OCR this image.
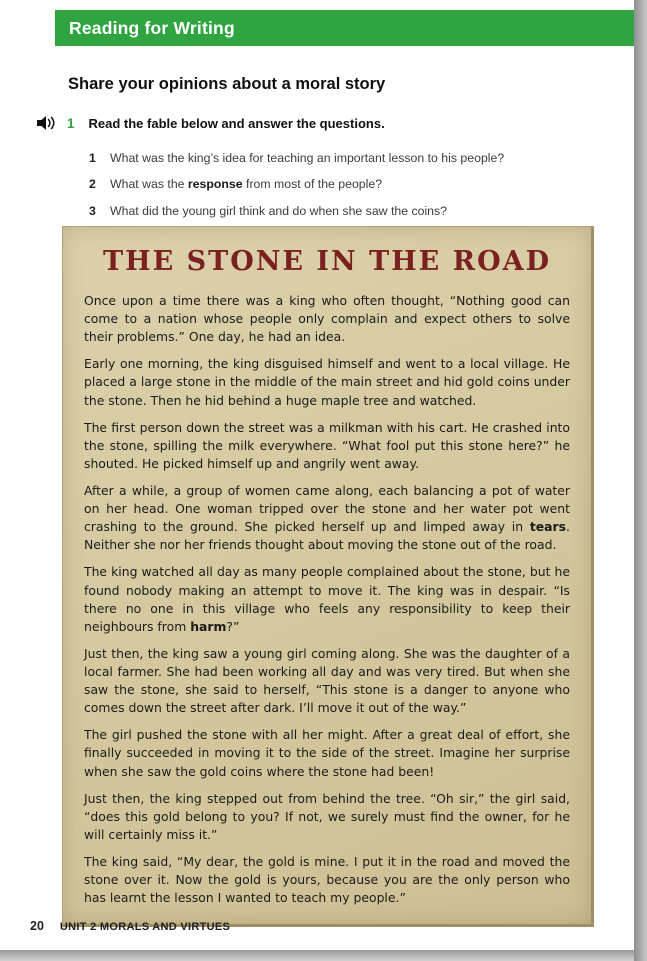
Reading for Writing
Share your opinions about a moral story
1 Read the fable below and answer the questions.
1	What was the king’s idea for teaching an important lesson to his people?
2	What was the response from most of the people?
3	What did the young girl think and do when she saw the coins?
THE STONE IN THE ROAD

Once upon a time there was a king who often thought, “Nothing good can come to a nation whose people only complain and expect others to solve their problems.” One day, he had an idea.

Early one morning, the king disguised himself and went to a local village. He placed a large stone in the middle of the main street and hid gold coins under the stone. Then he hid behind a huge maple tree and watched.

The first person down the street was a milkman with his cart. He crashed into the stone, spilling the milk everywhere. “What fool put this stone here?” he shouted. He picked himself up and angrily went away.

After a while, a group of women came along, each balancing a pot of water on her head. One woman tripped over the stone and her water pot went crashing to the ground. She picked herself up and limped away in tears. Neither she nor her friends thought about moving the stone out of the road.

The king watched all day as many people complained about the stone, but he found nobody making an attempt to move it. The king was in despair. “Is there no one in this village who feels any responsibility to keep their neighbours from harm?”

Just then, the king saw a young girl coming along. She was the daughter of a local farmer. She had been working all day and was very tired. But when she saw the stone, she said to herself, “This stone is a danger to anyone who comes down the street after dark. I’ll move it out of the way.”

The girl pushed the stone with all her might. After a great deal of effort, she finally succeeded in moving it to the side of the street. Imagine her surprise when she saw the gold coins where the stone had been!

Just then, the king stepped out from behind the tree. “Oh sir,” the girl said, “does this gold belong to you? If not, we surely must find the owner, for he will certainly miss it.”

The king said, “My dear, the gold is mine. I put it in the road and moved the stone over it. Now the gold is yours, because you are the only person who has learnt the lesson I wanted to teach my people.”

20 UNIT 2 MORALS AND VIRTUES
